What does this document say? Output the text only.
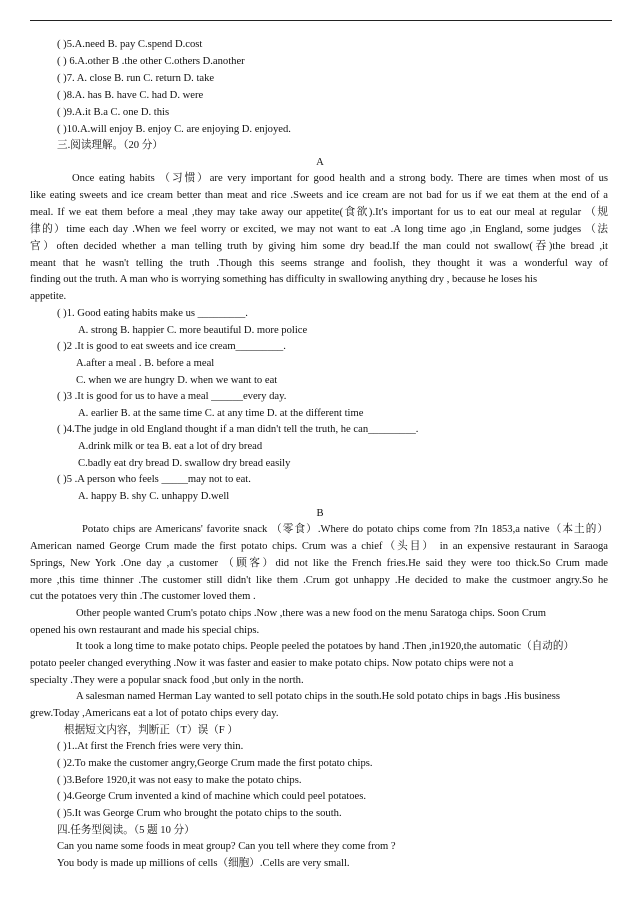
( )5.A.need B. pay C.spend D.cost
( ) 6.A.other B .the other C.others D.another
( )7. A. close B. run C. return D. take
( )8.A. has B. have C. had D. were
( )9.A.it B.a C. one D. this
( )10.A.will enjoy B. enjoy C. are enjoying D. enjoyed.
三.阅读理解。（20 分）
A
Once eating habits （习惯）are very important for good health and a strong body. There are times when most of us
like eating sweets and ice cream better than meat and rice .Sweets and ice cream are not bad for us if we eat them at the end of a
meal. If we eat them before a meal ,they may take away our appetite(食欲).It's important for us to eat our meal at regular （规
律的）time each day .When we feel worry or excited, we may not want to eat .A long time ago ,in England, some judges （法
官）often decided whether a man telling truth by giving him some dry bead.If the man could not swallow(吞)the bread ,it
meant that he wasn't telling the truth .Though this seems strange and foolish, they thought it was a wonderful way of
finding out the truth. A man who is worrying something has difficulty in swallowing anything dry , because he loses his
appetite.
( )1. Good eating habits make us _________.
A. strong B. happier C. more beautiful D. more police
( )2 .It is good to eat sweets and ice cream_________.
A.after a meal . B. before a meal
C. when we are hungry D. when we want to eat
( )3 .It is good for us to have a meal ______every day.
A. earlier B. at the same time C. at any time D. at the different time
( )4.The judge in old England thought if a man didn't tell the truth, he can_________.
A.drink milk or tea B. eat a lot of dry bread
C.badly eat dry bread D. swallow dry bread easily
( )5 .A person who feels _____may not to eat.
A. happy B. shy C. unhappy D.well
B
Potato chips are Americans' favorite snack （零食）.Where do potato chips come from ?In 1853,a native（本土的）
American named George Crum made the first potato chips. Crum was a chief（头目） in an expensive restaurant in Saraoga
Springs, New York .One day ,a customer （顾客）did not like the French fries.He said they were too thick.So Crum made
more ,this time thinner .The customer still didn't like them .Crum got unhappy .He decided to make the custmoer angry.So he
cut the potatoes very thin .The customer loved them .
Other people wanted Crum's potato chips .Now ,there was a new food on the menu Saratoga chips. Soon Crum
opened his own restaurant and made his special chips.
It took a long time to make potato chips. People peeled the potatoes by hand .Then ,in1920,the automatic（自动的）
potato peeler changed everything .Now it was faster and easier to make potato chips. Now potato chips were not a
specialty .They were a popular snack food ,but only in the north.
A salesman named Herman Lay wanted to sell potato chips in the south.He sold potato chips in bags .His business
grew.Today ,Americans eat a lot of potato chips every day.
根据短文内容，判断正（T）误（F ）
( )1..At first the French fries were very thin.
( )2.To make the customer angry,George Crum made the first potato chips.
( )3.Before 1920,it was not easy to make the potato chips.
( )4.George Crum invented a kind of machine which could peel potatoes.
( )5.It was George Crum who brought the potato chips to the south.
四.任务型阅读。（5 题 10 分）
Can you name some foods in meat group? Can you tell where they come from ?
You body is made up millions of cells（细胞）.Cells are very small.
